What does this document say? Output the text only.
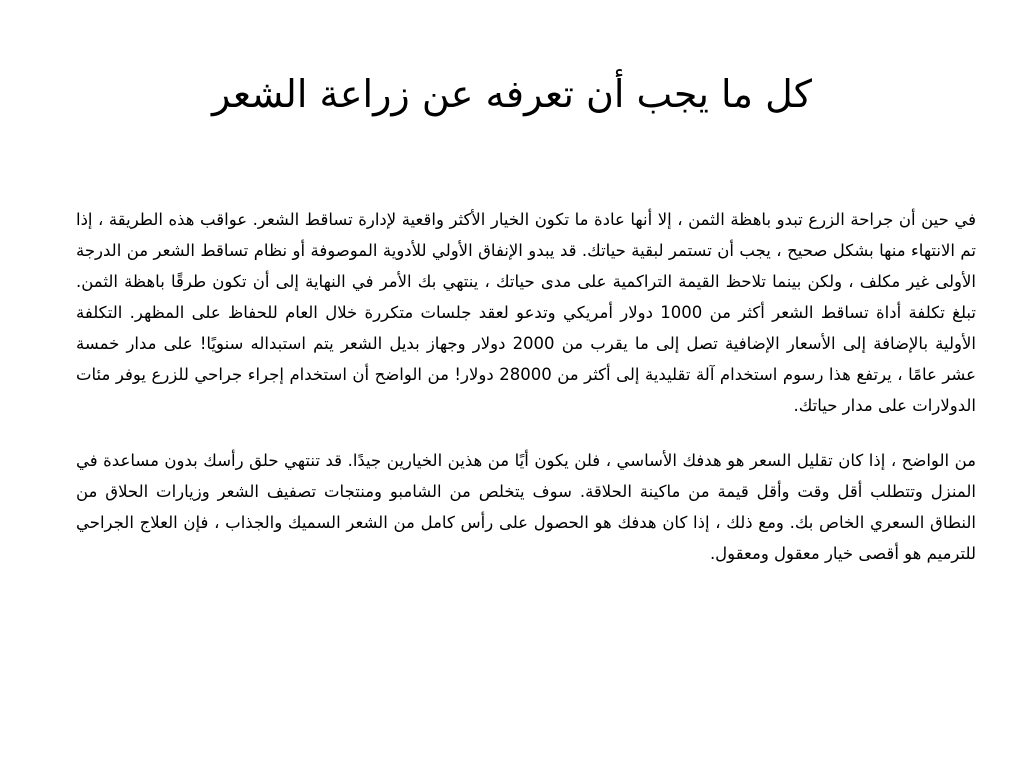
كل ما يجب أن تعرفه عن زراعة الشعر

في حين أن جراحة الزرع تبدو باهظة الثمن ، إلا أنها عادة ما تكون الخيار الأكثر واقعية لإدارة تساقط الشعر. عواقب هذه الطريقة ، إذا تم الانتهاء منها بشكل صحيح ، يجب أن تستمر لبقية حياتك. قد يبدو الإنفاق الأولي للأدوية الموصوفة أو نظام تساقط الشعر من الدرجة الأولى غير مكلف ، ولكن بينما تلاحظ القيمة التراكمية على مدى حياتك ، ينتهي بك الأمر في النهاية إلى أن تكون طرقًا باهظة الثمن. تبلغ تكلفة أداة تساقط الشعر أكثر من 1000 دولار أمريكي وتدعو لعقد جلسات متكررة خلال العام للحفاظ على المظهر. التكلفة الأولية بالإضافة إلى الأسعار الإضافية تصل إلى ما يقرب من 2000 دولار وجهاز بديل الشعر يتم استبداله سنويًا! على مدار خمسة عشر عامًا ، يرتفع هذا رسوم استخدام آلة تقليدية إلى أكثر من 28000 دولار! من الواضح أن استخدام إجراء جراحي للزرع يوفر مئات الدولارات على مدار حياتك.

من الواضح ، إذا كان تقليل السعر هو هدفك الأساسي ، فلن يكون أيًا من هذين الخيارين جيدًا. قد تنتهي حلق رأسك بدون مساعدة في المنزل وتتطلب أقل وقت وأقل قيمة من ماكينة الحلاقة. سوف يتخلص من الشامبو ومنتجات تصفيف الشعر وزيارات الحلاق من النطاق السعري الخاص بك. ومع ذلك ، إذا كان هدفك هو الحصول على رأس كامل من الشعر السميك والجذاب ، فإن العلاج الجراحي للترميم هو أقصى خيار معقول ومعقول.
